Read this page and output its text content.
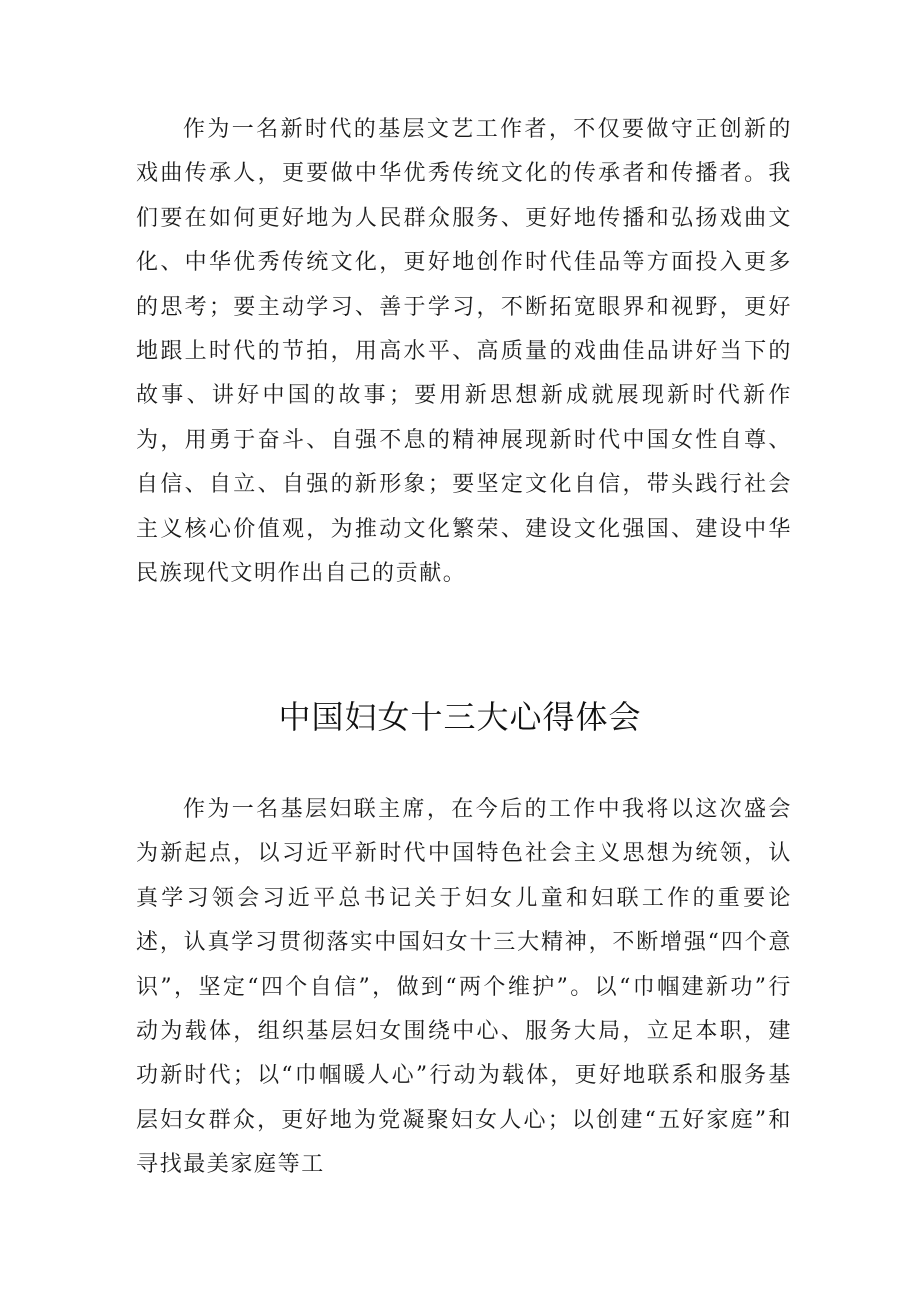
作为一名新时代的基层文艺工作者，不仅要做守正创新的戏曲传承人，更要做中华优秀传统文化的传承者和传播者。我们要在如何更好地为人民群众服务、更好地传播和弘扬戏曲文化、中华优秀传统文化，更好地创作时代佳品等方面投入更多的思考；要主动学习、善于学习，不断拓宽眼界和视野，更好地跟上时代的节拍，用高水平、高质量的戏曲佳品讲好当下的故事、讲好中国的故事；要用新思想新成就展现新时代新作为，用勇于奋斗、自强不息的精神展现新时代中国女性自尊、自信、自立、自强的新形象；要坚定文化自信，带头践行社会主义核心价值观，为推动文化繁荣、建设文化强国、建设中华民族现代文明作出自己的贡献。

中国妇女十三大心得体会

作为一名基层妇联主席，在今后的工作中我将以这次盛会为新起点，以习近平新时代中国特色社会主义思想为统领，认真学习领会习近平总书记关于妇女儿童和妇联工作的重要论述，认真学习贯彻落实中国妇女十三大精神，不断增强“四个意识”，坚定“四个自信”，做到“两个维护”。以“巾帼建新功”行动为载体，组织基层妇女围绕中心、服务大局，立足本职，建功新时代；以“巾帼暖人心”行动为载体，更好地联系和服务基层妇女群众，更好地为党凝聚妇女人心；以创建“五好家庭”和寻找最美家庭等工
